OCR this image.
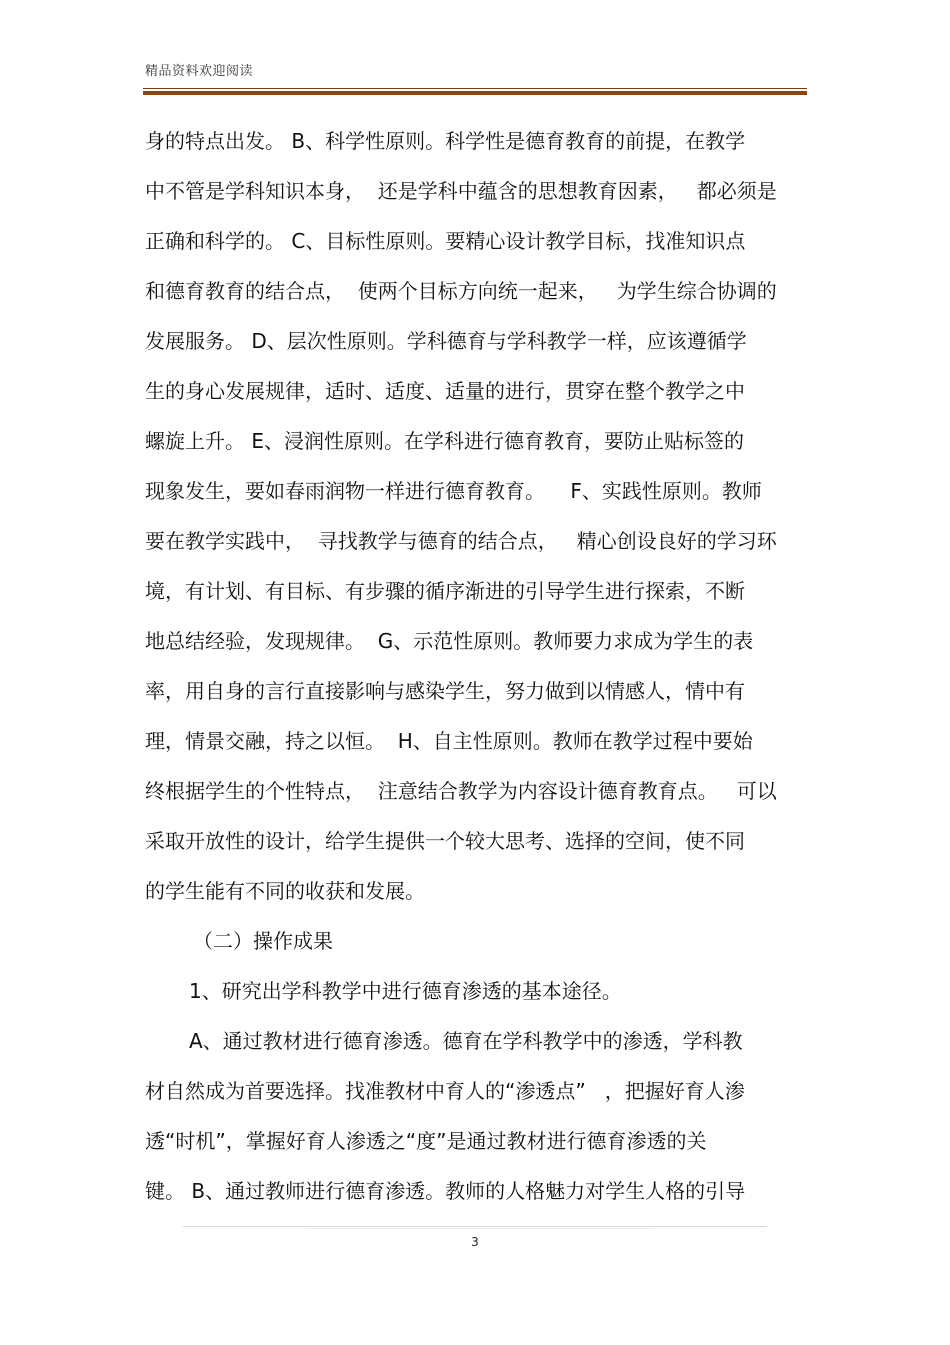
精品资料欢迎阅读
身的特点出发。 B、科学性原则。科学性是德育教育的前提，在教学
中不管是学科知识本身，  还是学科中蕴含的思想教育因素，   都必须是
正确和科学的。 C、目标性原则。要精心设计教学目标，找准知识点
和德育教育的结合点，  使两个目标方向统一起来，   为学生综合协调的
发展服务。 D、层次性原则。学科德育与学科教学一样，应该遵循学
生的身心发展规律，适时、适度、适量的进行，贯穿在整个教学之中
螺旋上升。 E、浸润性原则。在学科进行德育教育，要防止贴标签的
现象发生，要如春雨润物一样进行德育教育。    F、实践性原则。教师
要在教学实践中，  寻找教学与德育的结合点，   精心创设良好的学习环
境，有计划、有目标、有步骤的循序渐进的引导学生进行探索，不断
地总结经验，发现规律。  G、示范性原则。教师要力求成为学生的表
率，用自身的言行直接影响与感染学生，努力做到以情感人，情中有
理，情景交融，持之以恒。  H、自主性原则。教师在教学过程中要始
终根据学生的个性特点，  注意结合教学为内容设计德育教育点。   可以
采取开放性的设计，给学生提供一个较大思考、选择的空间，使不同
的学生能有不同的收获和发展。
（二）操作成果
1、研究出学科教学中进行德育渗透的基本途径。
A、通过教材进行德育渗透。德育在学科教学中的渗透，学科教
材自然成为首要选择。找准教材中育人的“渗透点”   ，把握好育人渗
透“时机”，掌握好育人渗透之“度”是通过教材进行德育渗透的关
键。 B、通过教师进行德育渗透。教师的人格魅力对学生人格的引导
3
